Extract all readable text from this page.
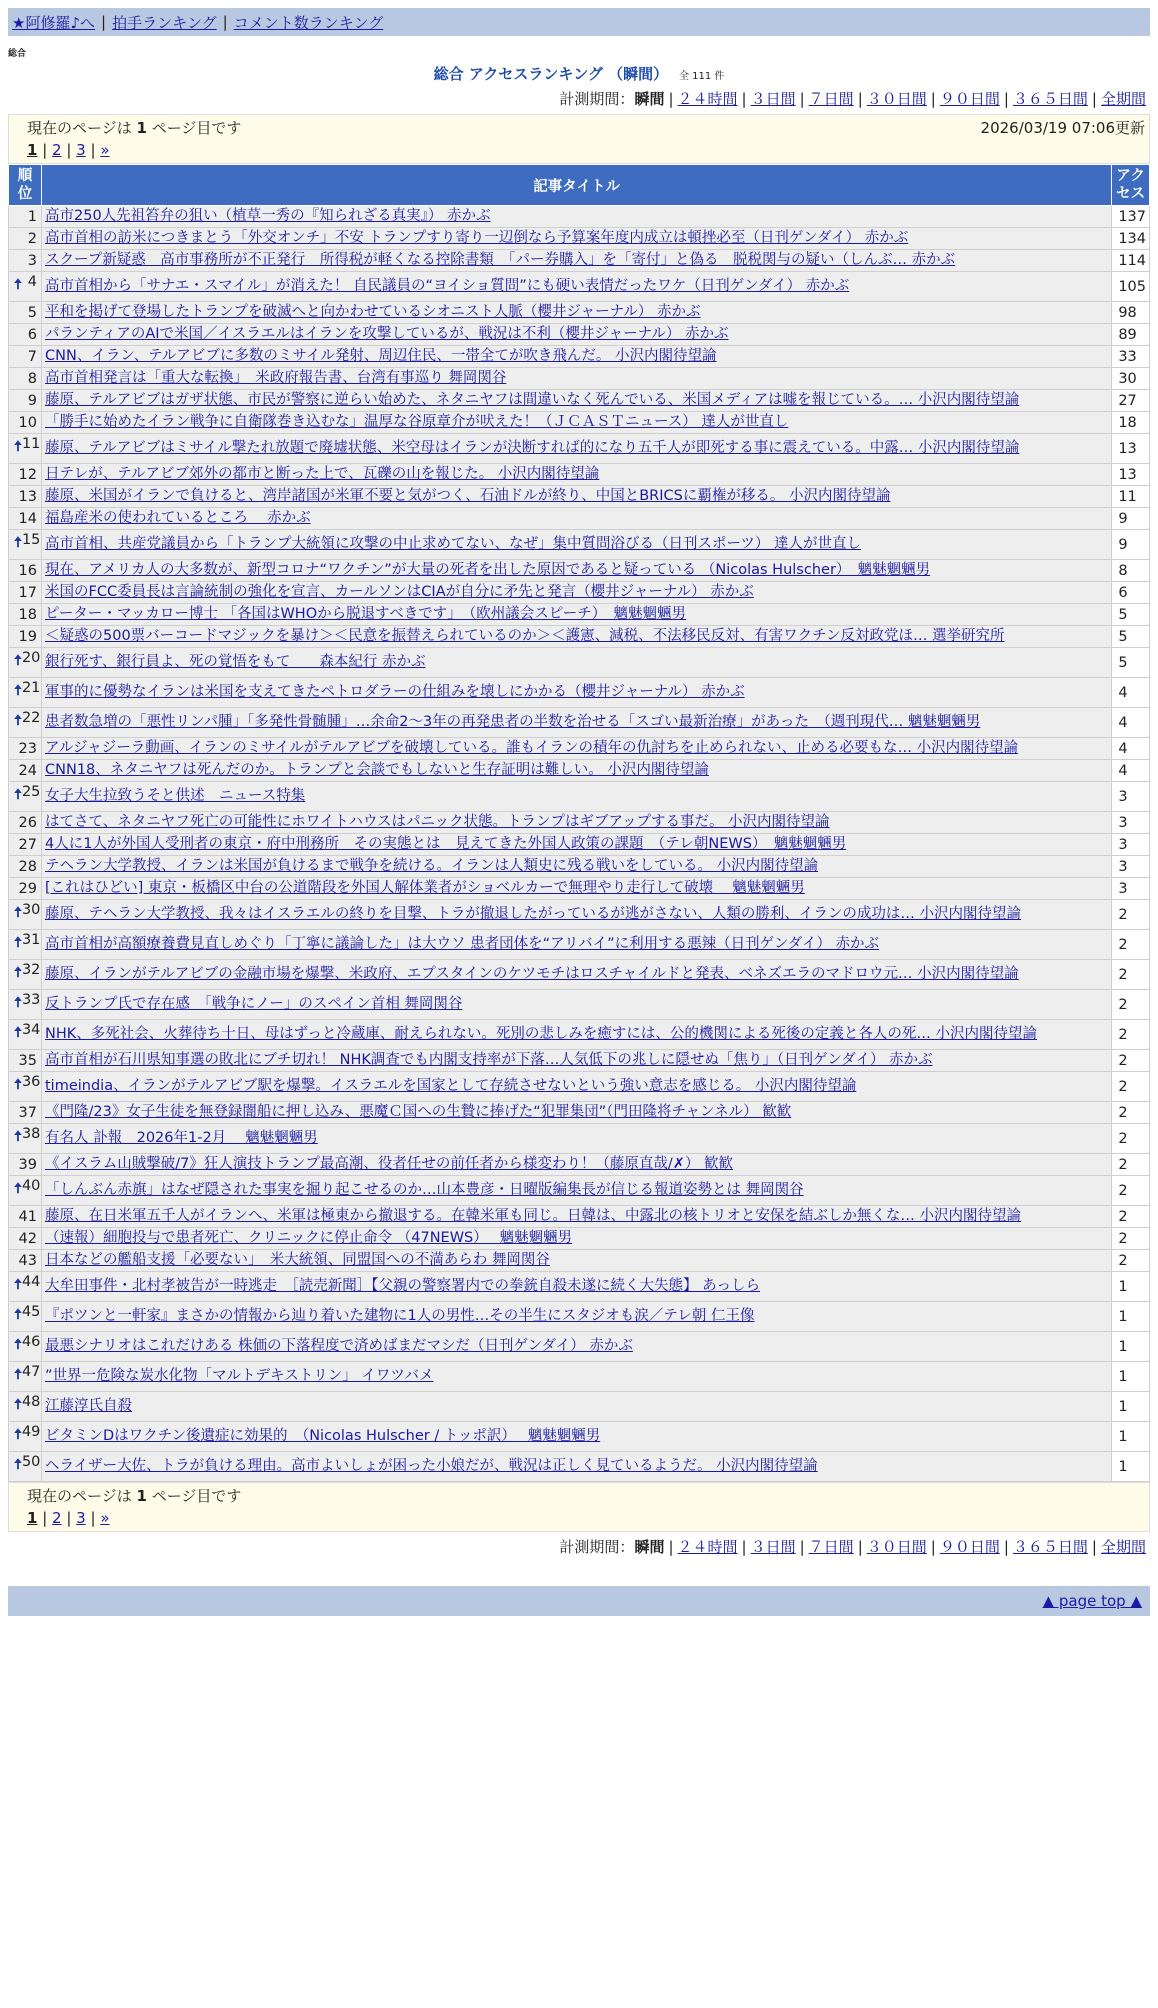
★阿修羅♪へ | 拍手ランキング | コメント数ランキング
総合
総合 アクセスランキング （瞬間） 全 111 件
計測期間：瞬間 | ２４時間 | ３日間 | ７日間 | ３０日間 | ９０日間 | ３６５日間 | 全期間
現在のページは 1 ページ目です	2026/03/19 07:06更新
1 | 2 | 3 | »
順位	記事タイトル	アクセス
1	高市250人先祖笞弁の狙い（植草一秀の『知られざる真実』） 赤かぶ	137
2	高市首相の訪米につきまとう「外交オンチ」不安 トランプすり寄り一辺倒なら予算案年度内成立は頓挫必至（日刊ゲンダイ） 赤かぶ	134
3	スクープ新疑惑　高市事務所が不正発行　所得税が軽くなる控除書類　「パー券購入」を「寄付」と偽る　脱税関与の疑い（しんぶ… 赤かぶ	114

🠅 4	高市首相から「サナエ・スマイル」が消えた！ 自民議員の“ヨイショ質問”にも硬い表情だったワケ（日刊ゲンダイ） 赤かぶ	105
5	平和を掲げて登場したトランプを破滅へと向かわせているシオニスト人脈（櫻井ジャーナル） 赤かぶ	98
6	パランティアのAIで米国／イスラエルはイランを攻撃しているが、戦況は不利（櫻井ジャーナル） 赤かぶ	89
7	CNN、イラン、テルアビブに多数のミサイル発射、周辺住民、一帯全てが吹き飛んだ。 小沢内閣待望論	33
8	高市首相発言は「重大な転換」　米政府報告書、台湾有事巡り 舞岡関谷	30
9	藤原、テルアビブはガザ状態、市民が警察に逆らい始めた、ネタニヤフは間違いなく死んでいる、米国メディアは嘘を報じている。… 小沢内閣待望論	27
10	「勝手に始めたイラン戦争に自衛隊巻き込むな」温厚な谷原章介が吠えた！（ＪＣＡＳＴニュース） 達人が世直し	18

🠅 11	藤原、テルアビブはミサイル撃たれ放題で廃墟状態、米空母はイランが決断すれば的になり五千人が即死する事に震えている。中露… 小沢内閣待望論	13
12	日テレが、テルアビブ郊外の都市と断った上で、瓦礫の山を報じた。 小沢内閣待望論	13
13	藤原、米国がイランで負けると、湾岸諸国が米軍不要と気がつく、石油ドルが終り、中国とBRICSに覇権が移る。 小沢内閣待望論	11
14	福島産米の使われているところ　 赤かぶ	9

🠅 15	高市首相、共産党議員から「トランプ大統領に攻撃の中止求めてない、なぜ」集中質問浴びる（日刊スポーツ） 達人が世直し	9
16	現在、アメリカ人の大多数が、新型コロナ“ワクチン”が大量の死者を出した原因であると疑っている （Nicolas Hulscher）　魑魅魍魎男	8
17	米国のFCC委員長は言論統制の強化を宣言、カールソンはCIAが自分に矛先と発言（櫻井ジャーナル） 赤かぶ	6
18	ピーター・マッカロー博士 「各国はWHOから脱退すべきです」　（欧州議会スピーチ）　魑魅魍魎男	5
19	＜疑惑の500票バーコードマジックを暴け＞＜民意を振替えられているのか＞＜護憲、減税、不法移民反対、有害ワクチン反対政党ほ… 選挙研究所	5

🠅 20	銀行死す、銀行員よ、死の覚悟をもて　　森本紀行 赤かぶ	5

🠅 21	軍事的に優勢なイランは米国を支えてきたペトロダラーの仕組みを壊しにかかる（櫻井ジャーナル） 赤かぶ	4

🠅 22	患者数急増の「悪性リンパ腫」「多発性骨髄腫」…余命2～3年の再発患者の半数を治せる「スゴい最新治療」があった　（週刊現代… 魑魅魍魎男	4
23	アルジャジーラ動画、イランのミサイルがテルアビブを破壊している。誰もイランの積年の仇討ちを止められない、止める必要もな… 小沢内閣待望論	4
24	CNN18、ネタニヤフは死んだのか。トランプと会談でもしないと生存証明は難しい。 小沢内閣待望論	4

🠅 25	女子大生拉致うそと供述　ニュース特集	3
26	はてさて、ネタニヤフ死亡の可能性にホワイトハウスはパニック状態。トランプはギブアップする事だ。 小沢内閣待望論	3
27	4人に1人が外国人受刑者の東京・府中刑務所　その実態とは　見えてきた外国人政策の課題　（テレ朝NEWS）　魑魅魍魎男	3
28	テヘラン大学教授、イランは米国が負けるまで戦争を続ける。イランは人類史に残る戦いをしている。 小沢内閣待望論	3
29	[これはひどい] 東京・板橋区中台の公道階段を外国人解体業者がショベルカーで無理やり走行して破壊　 魑魅魍魎男	3

🠅 30	藤原、テヘラン大学教授、我々はイスラエルの終りを目撃、トラが撤退したがっているが逃がさない、人類の勝利、イランの成功は… 小沢内閣待望論	2

🠅 31	高市首相が高額療養費見直しめぐり「丁寧に議論した」は大ウソ 患者団体を“アリバイ”に利用する悪辣（日刊ゲンダイ） 赤かぶ	2

🠅 32	藤原、イランがテルアビブの金融市場を爆撃、米政府、エプスタインのケツモチはロスチャイルドと発表、ベネズエラのマドロウ元… 小沢内閣待望論	2

🠅 33	反トランプ氏で存在感　「戦争にノー」のスペイン首相 舞岡関谷	2

🠅 34	NHK、多死社会、火葬待ち十日、母はずっと冷蔵庫、耐えられない。死別の悲しみを癒すには、公的機関による死後の定義と各人の死… 小沢内閣待望論	2
35	高市首相が石川県知事選の敗北にブチ切れ！ NHK調査でも内閣支持率が下落…人気低下の兆しに隠せぬ「焦り」（日刊ゲンダイ） 赤かぶ	2

🠅 36	timeindia、イランがテルアビブ駅を爆撃。イスラエルを国家として存続させないという強い意志を感じる。 小沢内閣待望論	2
37	《門隆/23》女子生徒を無登録闇船に押し込み、悪魔Ｃ国への生贄に捧げた“犯罪集団”（門田隆将チャンネル） 歓歓	2

🠅 38	有名人 訃報　2026年1-2月　 魑魅魍魎男	2
39	《イスラム山賊撃破/7》狂人演技トランプ最高潮、役者任せの前任者から様変わり！（藤原直哉/✗） 歓歓	2

🠅 40	「しんぶん赤旗」はなぜ隠された事実を掘り起こせるのか…山本豊彦・日曜版編集長が信じる報道姿勢とは 舞岡関谷	2
41	藤原、在日米軍五千人がイランへ、米軍は極東から撤退する。在韓米軍も同じ。日韓は、中露北の核トリオと安保を結ぶしか無くな… 小沢内閣待望論	2
42	（速報）細胞投与で患者死亡、クリニックに停止命令 （47NEWS）　 魑魅魍魎男	2
43	日本などの艦船支援「必要ない」　米大統領、同盟国への不満あらわ 舞岡関谷	2

🠅 44	大牟田事件・北村孝被告が一時逃走　［読売新聞］【父親の警察署内での拳銃自殺未遂に続く大失態】 あっしら	1

🠅 45	『ポツンと一軒家』まさかの情報から辿り着いた建物に1人の男性…その半生にスタジオも涙／テレ朝 仁王像	1

🠅 46	最悪シナリオはこれだけある 株価の下落程度で済めばまだマシだ（日刊ゲンダイ） 赤かぶ	1

🠅 47	”世界一危険な炭水化物「マルトデキストリン」 イワツバメ	1

🠅 48	江藤淳氏自殺	1

🠅 49	ビタミンDはワクチン後遺症に効果的　（Nicolas Hulscher / トッポ訳）　 魑魅魍魎男	1

🠅 50	ヘライザー大佐、トラが負ける理由。高市よいしょが困った小娘だが、戦況は正しく見ているようだ。 小沢内閣待望論	1
現在のページは 1 ページ目です
1 | 2 | 3 | »
計測期間：瞬間 | ２４時間 | ３日間 | ７日間 | ３０日間 | ９０日間 | ３６５日間 | 全期間
▲ page top ▲
